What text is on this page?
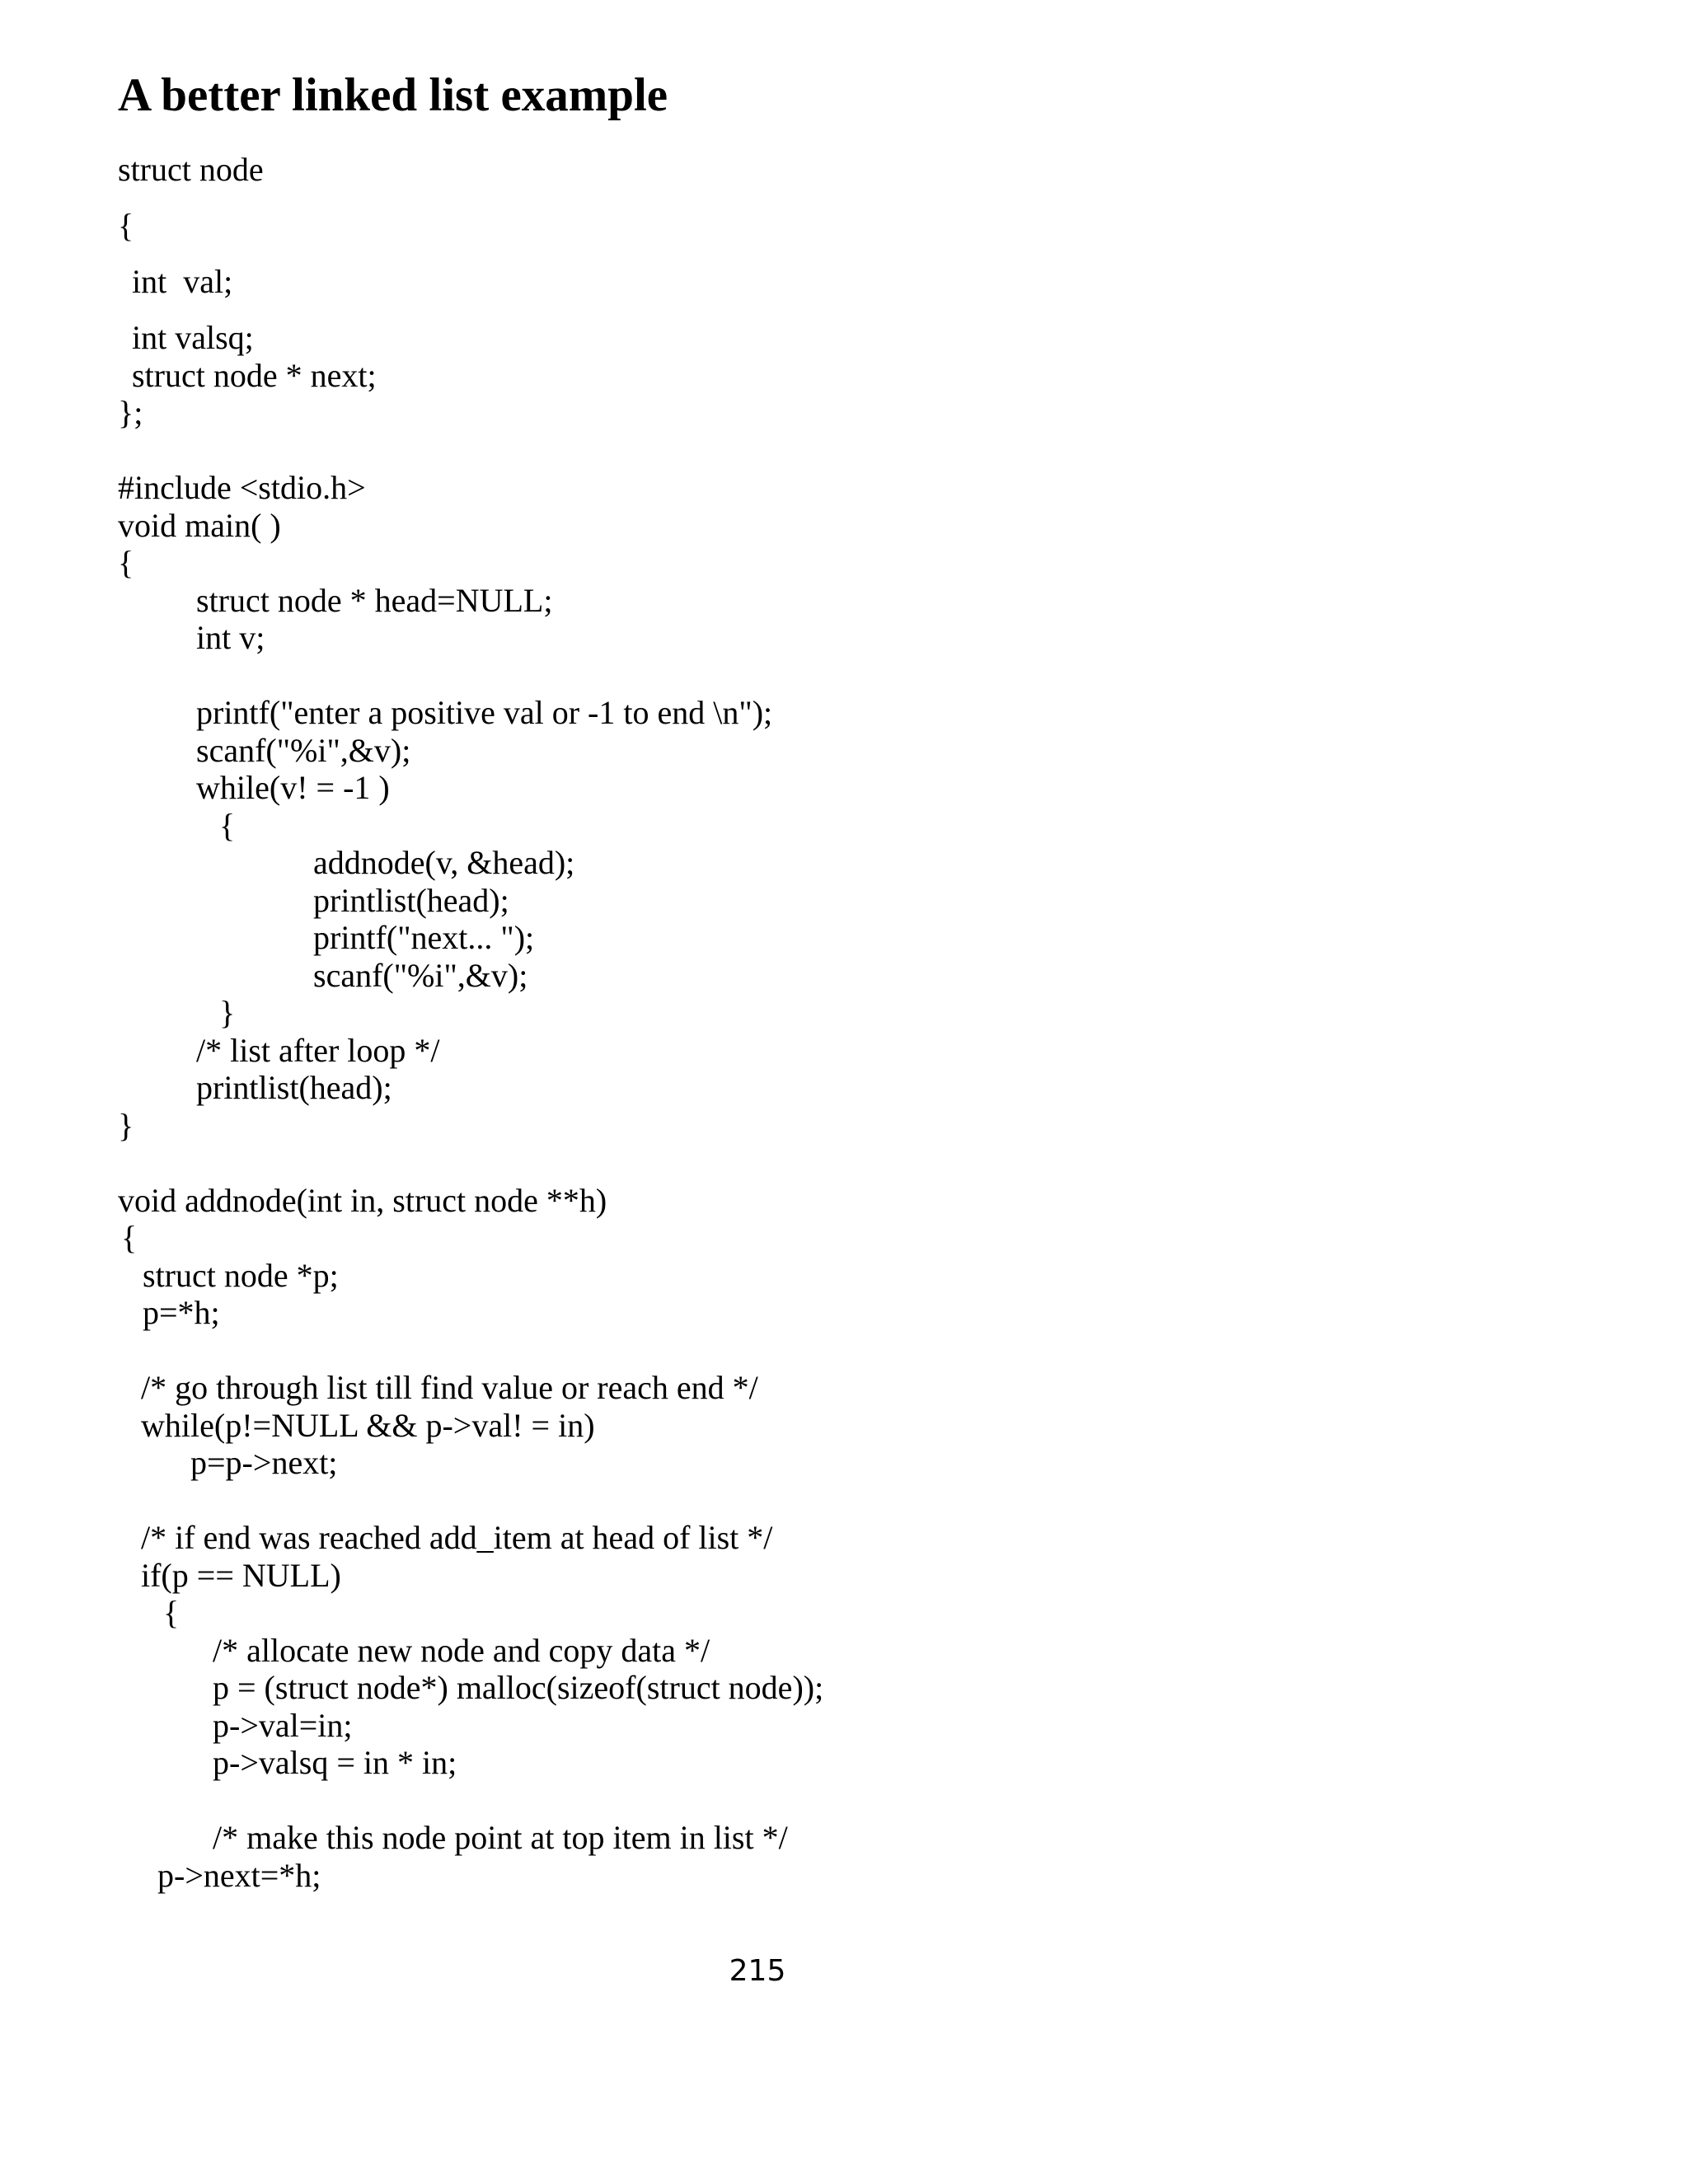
A better linked list example
struct node
{
int  val;
int valsq;
struct node * next;
};
#include <stdio.h>
void main( )
{
struct node * head=NULL;
int v;
printf("enter a positive val or -1 to end \n");
scanf("%i",&v);
while(v! = -1 )
{
addnode(v, &head);
printlist(head);
printf("next... ");
scanf("%i",&v);
}
/* list after loop */
printlist(head);
}
void addnode(int in, struct node **h)
{
struct node *p;
p=*h;
/* go through list till find value or reach end */
while(p!=NULL && p->val! = in)
p=p->next;
/* if end was reached add_item at head of list */
if(p == NULL)
{
/* allocate new node and copy data */
p = (struct node*) malloc(sizeof(struct node));
p->val=in;
p->valsq = in * in;
/* make this node point at top item in list */
p->next=*h;
215
